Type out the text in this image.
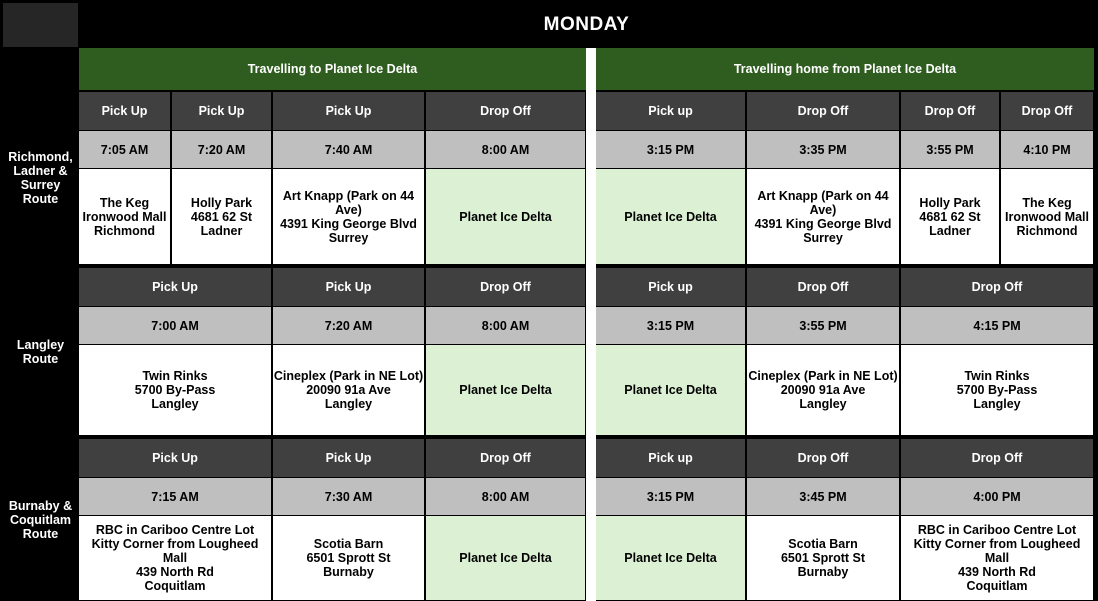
MONDAY
Travelling to Planet Ice Delta	Travelling home from Planet Ice Delta
Richmond,
Ladner &
Surrey
Route
Pick Up
7:05 AM
The Keg
Ironwood Mall
Richmond
Pick Up
7:20 AM
Holly Park
4681 62 St
Ladner
Pick Up
7:40 AM
Art Knapp (Park on 44
Ave)
4391 King George Blvd
Surrey
Drop Off
8:00 AM
Planet Ice Delta
Pick up
3:15 PM
Planet Ice Delta
Drop Off
3:35 PM
Art Knapp (Park on 44
Ave)
4391 King George Blvd
Surrey
Drop Off
3:55 PM
Holly Park
4681 62 St
Ladner
Drop Off
4:10 PM
The Keg
Ironwood Mall
Richmond
Langley
Route
Pick Up
7:00 AM
Twin Rinks
5700 By-Pass
Langley
Pick Up
7:20 AM
Cineplex (Park in NE Lot)
20090 91a Ave
Langley
Drop Off
8:00 AM
Planet Ice Delta
Pick up
3:15 PM
Planet Ice Delta
Drop Off
3:55 PM
Cineplex (Park in NE Lot)
20090 91a Ave
Langley
Drop Off
4:15 PM
Twin Rinks
5700 By-Pass
Langley
Burnaby &
Coquitlam
Route
Pick Up
7:15 AM
RBC in Cariboo Centre Lot
Kitty Corner from Lougheed Mall
439 North Rd
Coquitlam
Pick Up
7:30 AM
Scotia Barn
6501 Sprott St
Burnaby
Drop Off
8:00 AM
Planet Ice Delta
Pick up
3:15 PM
Planet Ice Delta
Drop Off
3:45 PM
Scotia Barn
6501 Sprott St
Burnaby
Drop Off
4:00 PM
RBC in Cariboo Centre Lot
Kitty Corner from Lougheed Mall
439 North Rd
Coquitlam
